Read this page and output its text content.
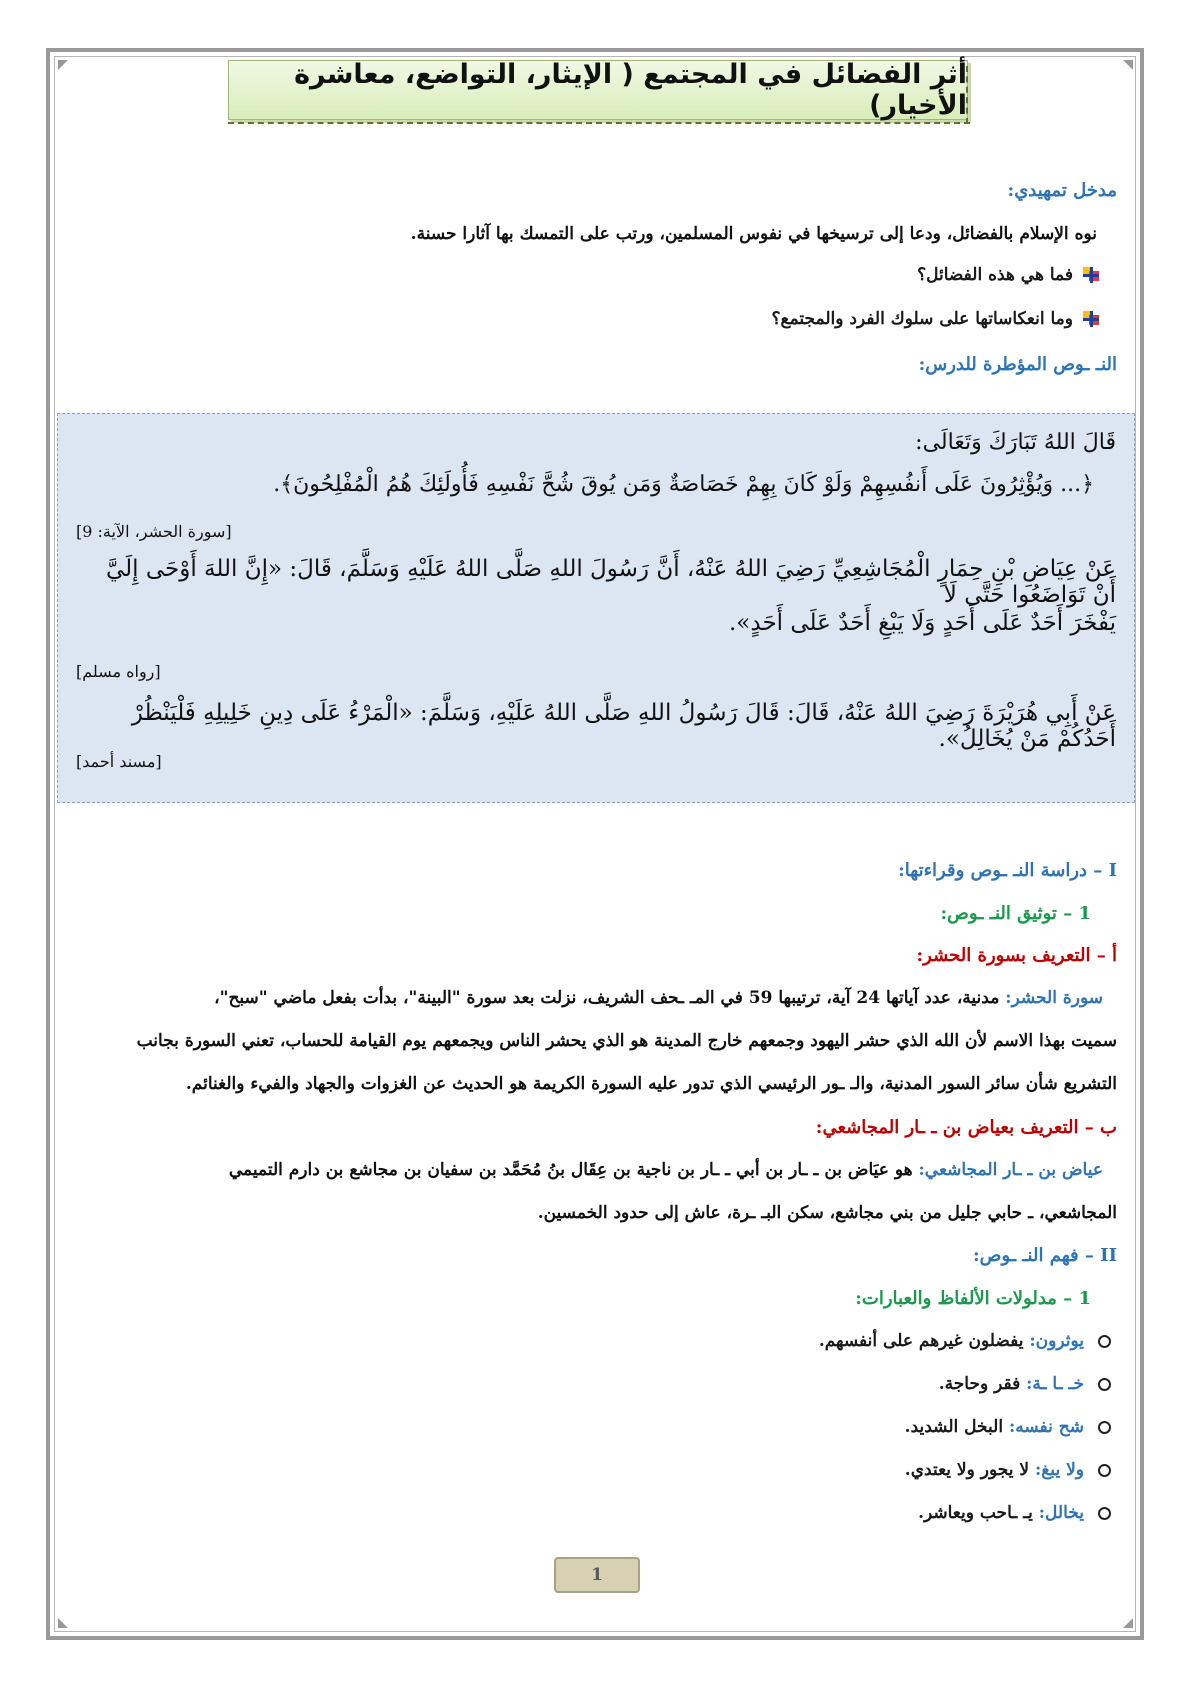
أثر الفضائل في المجتمع ( الإيثار، التواضع، معاشرة الأخيار)
مدخل تمهيدي:
نوه الإسلام بالفضائل، ودعا إلى ترسيخها في نفوس المسلمين، ورتب على التمسك بها آثارا حسنة.
فما هي هذه الفضائل؟
وما انعكاساتها على سلوك الفرد والمجتمع؟
النـ ـوص المؤطرة للدرس:
قَالَ اللهُ تَبَارَكَ وَتَعَالَى:
﴿... وَيُؤْثِرُونَ عَلَى أَنفُسِهِمْ وَلَوْ كَانَ بِهِمْ خَصَاصَةٌ وَمَن يُوقَ شُحَّ نَفْسِهِ فَأُولَئِكَ هُمُ الْمُفْلِحُونَ﴾.
[سورة الحشر، الآية: 9]
عَنْ عِيَاضِ بْنِ حِمَارٍ الْمُجَاشِعِيِّ رَضِيَ اللهُ عَنْهُ، أَنَّ رَسُولَ اللهِ صَلَّى اللهُ عَلَيْهِ وَسَلَّمَ، قَالَ: «إِنَّ اللهَ أَوْحَى إِلَيَّ أَنْ تَوَاضَعُوا حَتَّى لَا
يَفْخَرَ أَحَدٌ عَلَى أَحَدٍ وَلَا يَبْغِ أَحَدٌ عَلَى أَحَدٍ».
[رواه مسلم]
عَنْ أَبِي هُرَيْرَةَ رَضِيَ اللهُ عَنْهُ، قَالَ: قَالَ رَسُولُ اللهِ صَلَّى اللهُ عَلَيْهِ، وَسَلَّمَ: «الْمَرْءُ عَلَى دِينِ خَلِيلِهِ فَلْيَنْظُرْ أَحَدُكُمْ مَنْ يُخَالِلُ».
[مسند أحمد]
I – دراسة النـ ـوص وقراءتها:
1 – توثيق النـ ـوص:
أ – التعريف بسورة الحشر:
سورة الحشر: مدنية، عدد آياتها 24 آية، ترتيبها 59 في المـ ـحف الشريف، نزلت بعد سورة "البينة"، بدأت بفعل ماضي "سبح"،
سميت بهذا الاسم لأن الله الذي حشر اليهود وجمعهم خارج المدينة هو الذي يحشر الناس ويجمعهم يوم القيامة للحساب، تعني السورة بجانب
التشريع شأن سائر السور المدنية، والـ ـور الرئيسي الذي تدور عليه السورة الكريمة هو الحديث عن الغزوات والجهاد والفيء والغنائم.
ب – التعريف بعياض بن ـ ـار المجاشعي:
عياض بن ـ ـار المجاشعي: هو عيَاض بن ـ ـار بن أبي ـ ـار بن ناجية بن عِقَال بنُ مُحَمَّد بن سفيان بن مجاشع بن دارم التميمي
المجاشعي، ـ حابي جليل من بني مجاشع، سكن البـ ـرة، عاش إلى حدود الخمسين.
II – فهم النـ ـوص:
1 – مدلولات الألفاظ والعبارات:
يوثرون: يفضلون غيرهم على أنفسهم.
خـ ـا ـة: فقر وحاجة.
شح نفسه: البخل الشديد.
ولا يبغ: لا يجور ولا يعتدي.
يخالل: يـ ـاحب ويعاشر.
1
